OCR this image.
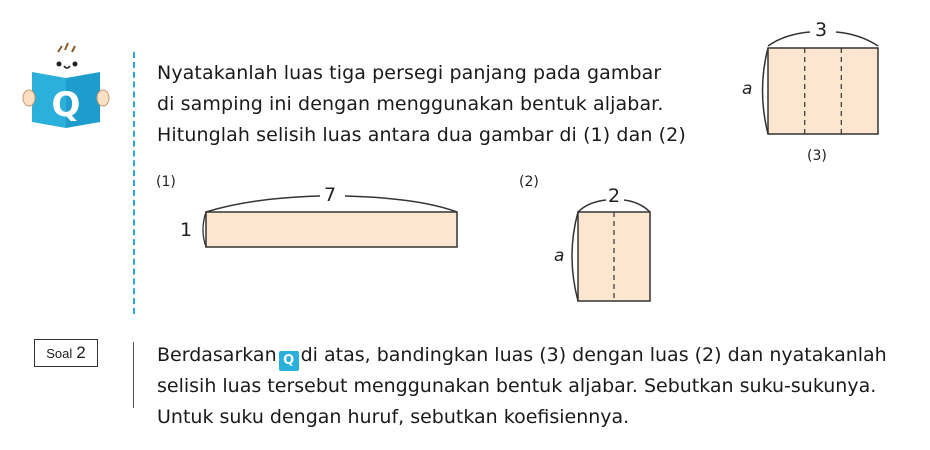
Q
Nyatakanlah luas tiga persegi panjang pada gambar
di samping ini dengan menggunakan bentuk aljabar.
Hitunglah selisih luas antara dua gambar di (1) dan (2)
3
a
(3)
(1)
7
1
(2)
2
a
Soal 2	Berdasarkan Q di atas, bandingkan luas (3) dengan luas (2) dan nyatakanlah
selisih luas tersebut menggunakan bentuk aljabar. Sebutkan suku-sukunya.
Untuk suku dengan huruf, sebutkan koefisiennya.
